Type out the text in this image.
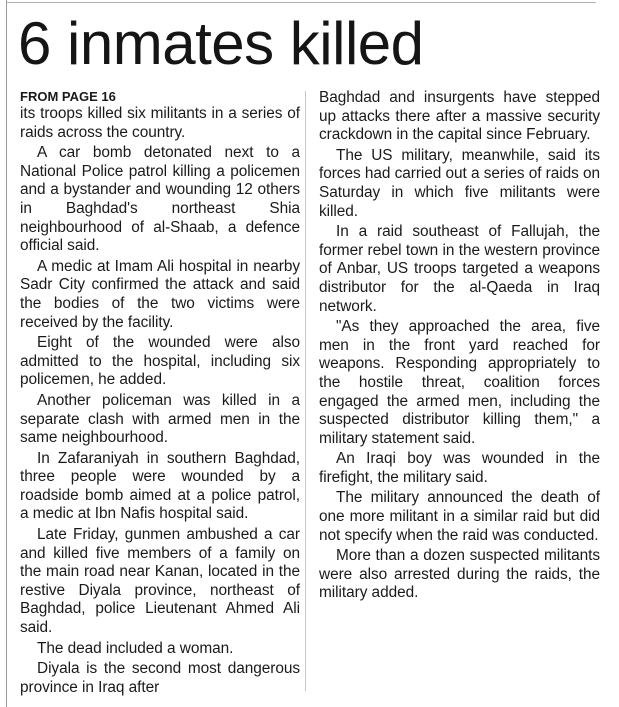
6 inmates killed
FROM PAGE 16

its troops killed six militants in a series of raids across the country.

A car bomb detonated next to a National Police patrol killing a policemen and a bystander and wounding 12 others in Baghdad's northeast Shia neighbourhood of al-Shaab, a defence official said.

A medic at Imam Ali hospital in nearby Sadr City confirmed the attack and said the bodies of the two victims were received by the facility.

Eight of the wounded were also admitted to the hospital, including six policemen, he added.

Another policeman was killed in a separate clash with armed men in the same neighbourhood.

In Zafaraniyah in southern Baghdad, three people were wounded by a roadside bomb aimed at a police patrol, a medic at Ibn Nafis hospital said.

Late Friday, gunmen ambushed a car and killed five members of a family on the main road near Kanan, located in the restive Diyala province, northeast of Baghdad, police Lieutenant Ahmed Ali said.

The dead included a woman.

Diyala is the second most dangerous province in Iraq after

Baghdad and insurgents have stepped up attacks there after a massive security crackdown in the capital since February.

The US military, meanwhile, said its forces had carried out a series of raids on Saturday in which five militants were killed.

In a raid southeast of Fallujah, the former rebel town in the western province of Anbar, US troops targeted a weapons distributor for the al-Qaeda in Iraq network.

"As they approached the area, five men in the front yard reached for weapons. Responding appropriately to the hostile threat, coalition forces engaged the armed men, including the suspected distributor killing them," a military statement said.

An Iraqi boy was wounded in the firefight, the military said.

The military announced the death of one more militant in a similar raid but did not specify when the raid was conducted.

More than a dozen suspected militants were also arrested during the raids, the military added.
